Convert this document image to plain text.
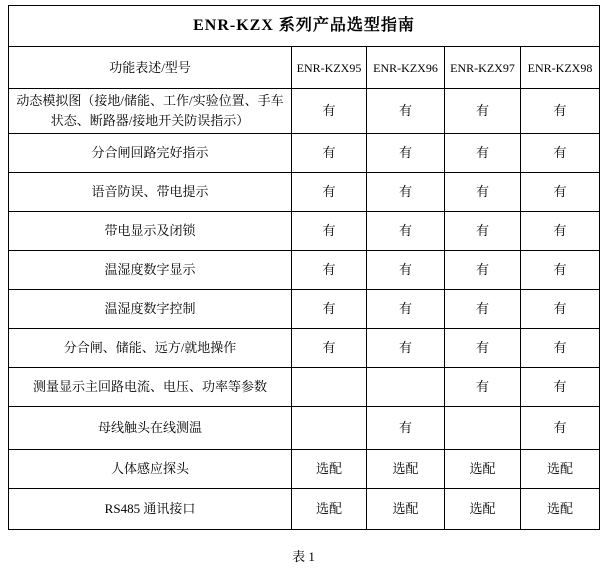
ENR-KZX 系列产品选型指南				
功能表述/型号	ENR-KZX95	ENR-KZX96	ENR-KZX97	ENR-KZX98
动态模拟图（接地/储能、工作/实验位置、手车状态、断路器/接地开关防误指示）	有	有	有	有
分合闸回路完好指示	有	有	有	有
语音防误、带电提示	有	有	有	有
带电显示及闭锁	有	有	有	有
温湿度数字显示	有	有	有	有
温湿度数字控制	有	有	有	有
分合闸、储能、远方/就地操作	有	有	有	有
测量显示主回路电流、电压、功率等参数			有	有
母线触头在线测温		有		有
人体感应探头	选配	选配	选配	选配
RS485 通讯接口	选配	选配	选配	选配
表 1
